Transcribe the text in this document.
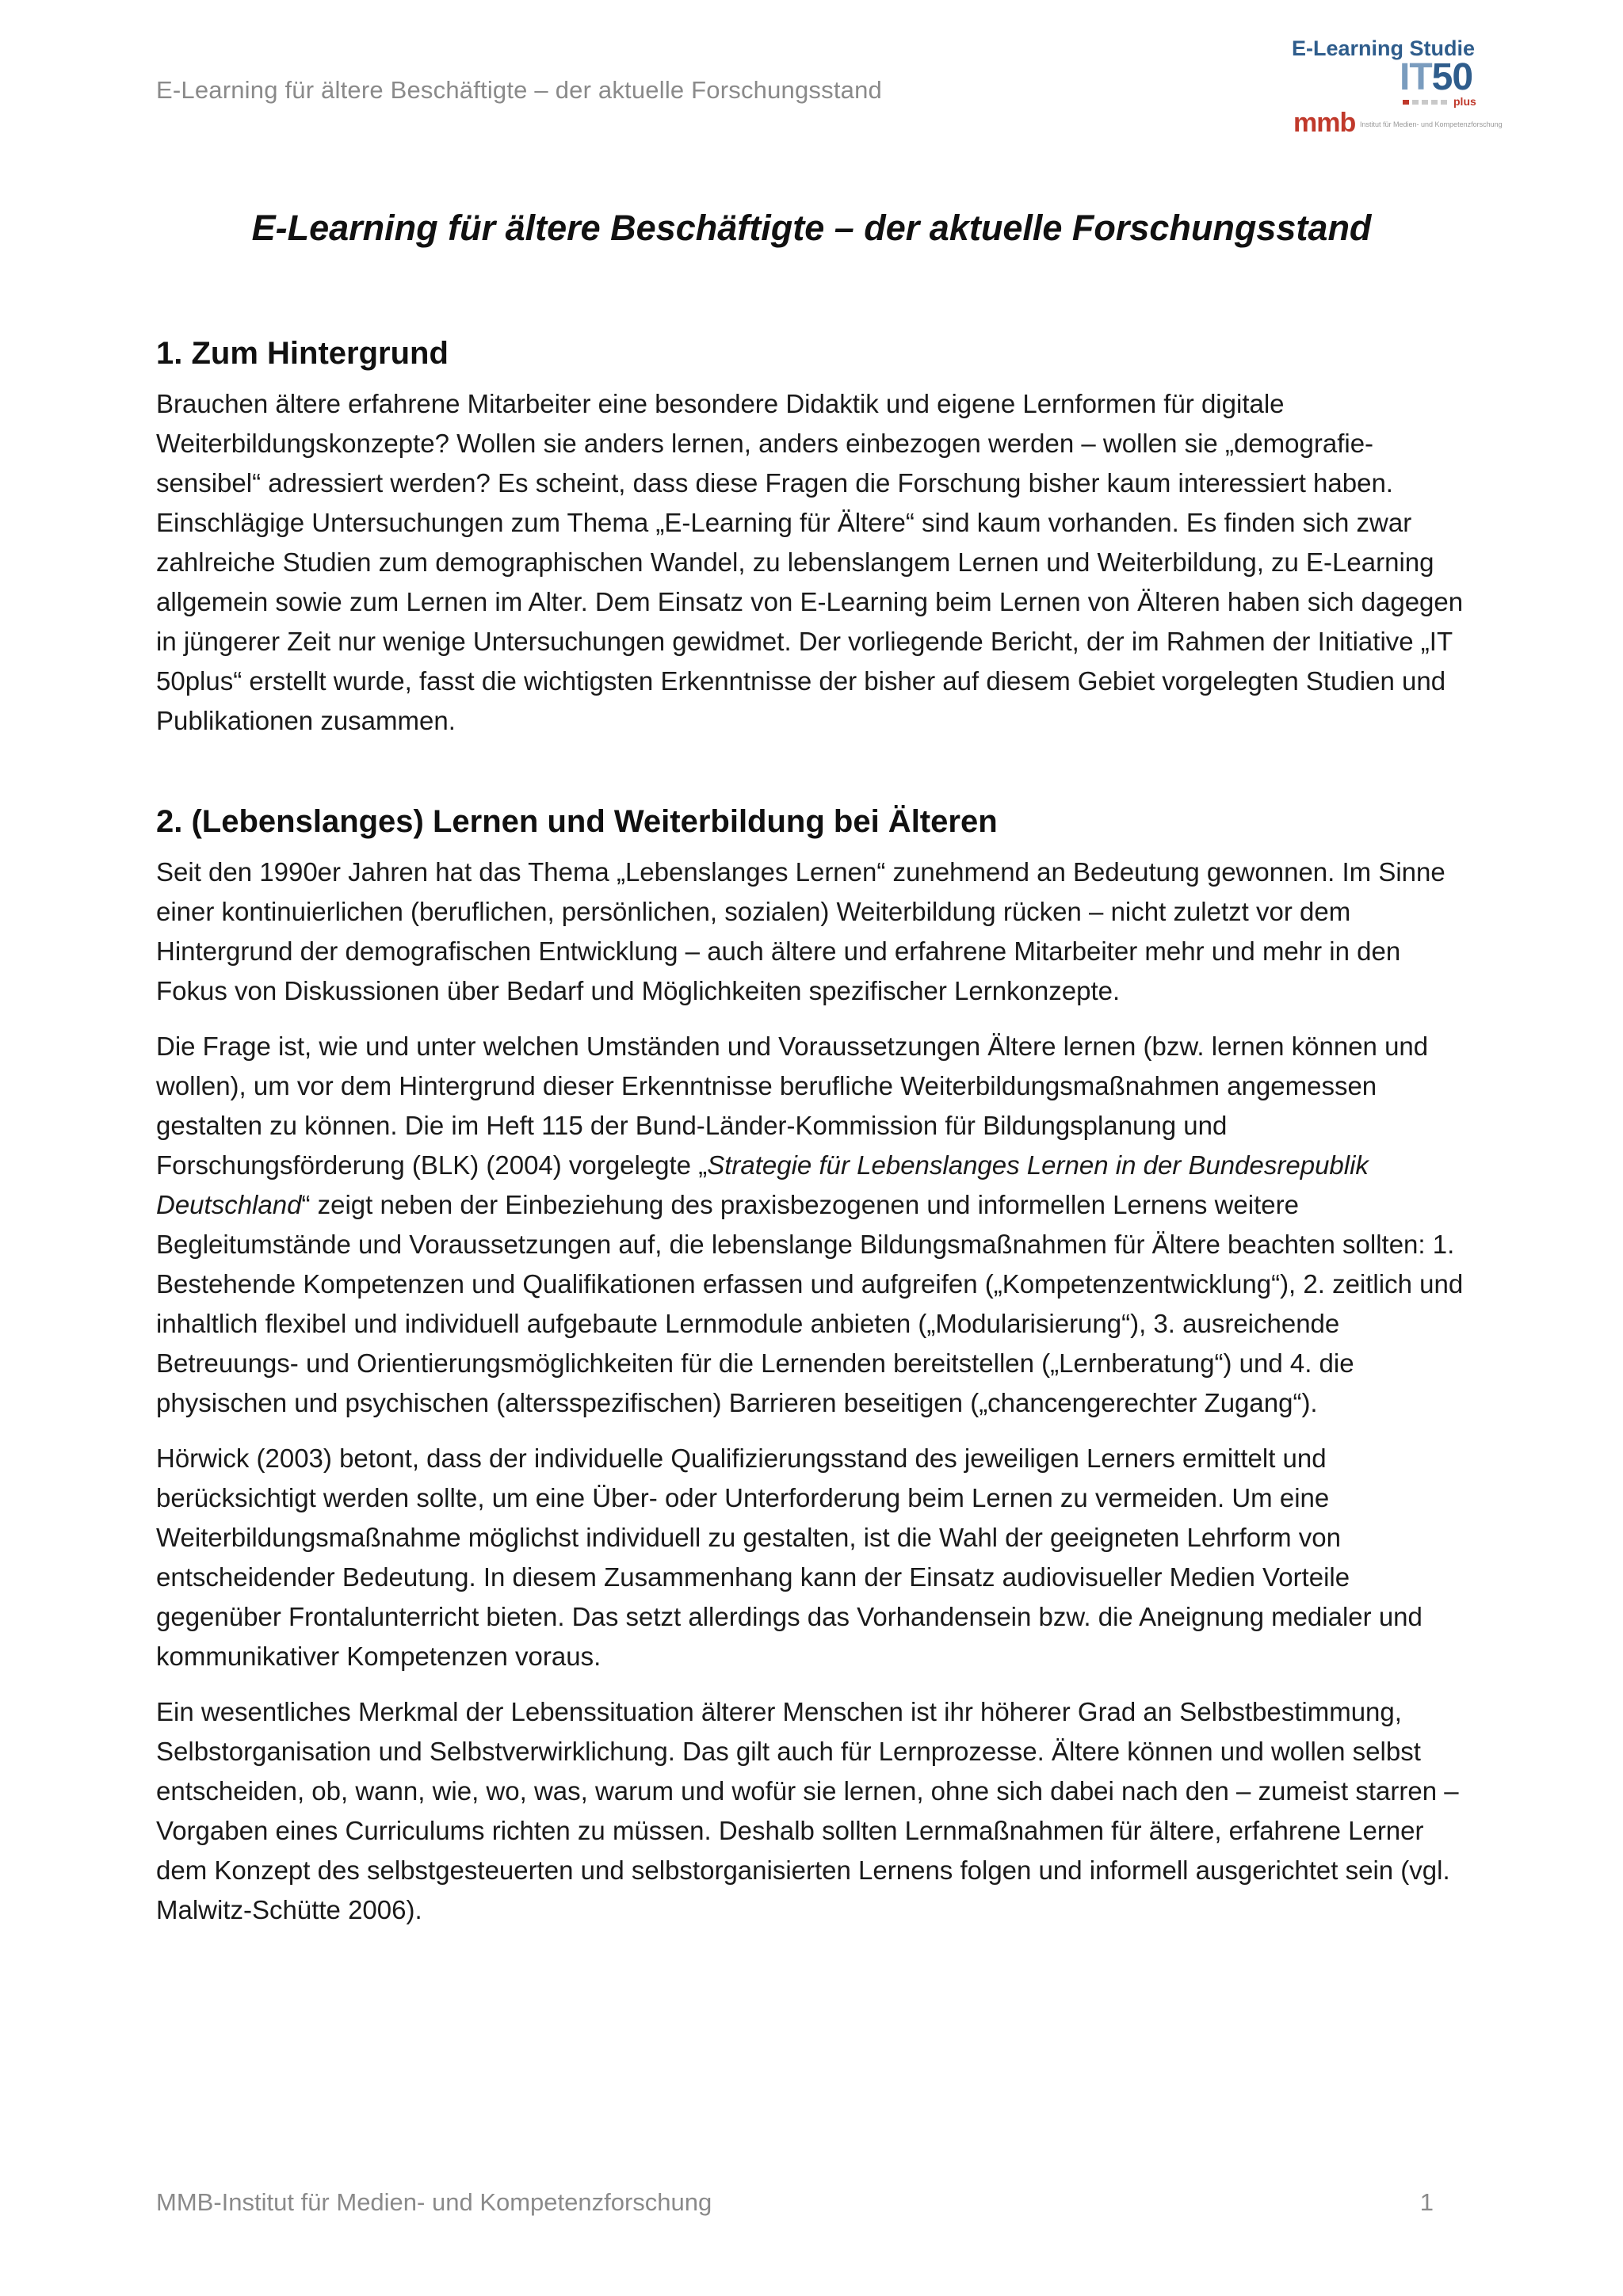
E-Learning für ältere Beschäftigte – der aktuelle Forschungsstand
E-Learning Studie
IT50
plus
mmb Institut für Medien- und Kompetenzforschung
E-Learning für ältere Beschäftigte – der aktuelle Forschungsstand
1. Zum Hintergrund

Brauchen ältere erfahrene Mitarbeiter eine besondere Didaktik und eigene Lernformen für digitale Weiterbildungskonzepte? Wollen sie anders lernen, anders einbezogen werden – wollen sie „demografie-sensibel“ adressiert werden? Es scheint, dass diese Fragen die Forschung bisher kaum interessiert haben. Einschlägige Untersuchungen zum Thema „E-Learning für Ältere“ sind kaum vorhanden. Es finden sich zwar zahlreiche Studien zum demographischen Wandel, zu lebenslangem Lernen und Weiterbildung, zu E-Learning allgemein sowie zum Lernen im Alter. Dem Einsatz von E-Learning beim Lernen von Älteren haben sich dagegen in jüngerer Zeit nur wenige Untersuchungen gewidmet. Der vorliegende Bericht, der im Rahmen der Initiative „IT 50plus“ erstellt wurde, fasst die wichtigsten Erkenntnisse der bisher auf diesem Gebiet vorgelegten Studien und Publikationen zusammen.

2. (Lebenslanges) Lernen und Weiterbildung bei Älteren

Seit den 1990er Jahren hat das Thema „Lebenslanges Lernen“ zunehmend an Bedeutung gewonnen. Im Sinne einer kontinuierlichen (beruflichen, persönlichen, sozialen) Weiterbildung rücken – nicht zuletzt vor dem Hintergrund der demografischen Entwicklung – auch ältere und erfahrene Mitarbeiter mehr und mehr in den Fokus von Diskussionen über Bedarf und Möglichkeiten spezifischer Lernkonzepte.

Die Frage ist, wie und unter welchen Umständen und Voraussetzungen Ältere lernen (bzw. lernen können und wollen), um vor dem Hintergrund dieser Erkenntnisse berufliche Weiterbildungsmaßnahmen angemessen gestalten zu können. Die im Heft 115 der Bund-Länder-Kommission für Bildungsplanung und Forschungsförderung (BLK) (2004) vorgelegte „Strategie für Lebenslanges Lernen in der Bundesrepublik Deutschland“ zeigt neben der Einbeziehung des praxisbezogenen und informellen Lernens weitere Begleitumstände und Voraussetzungen auf, die lebenslange Bildungsmaßnahmen für Ältere beachten sollten: 1. Bestehende Kompetenzen und Qualifikationen erfassen und aufgreifen („Kompetenzentwicklung“), 2. zeitlich und inhaltlich flexibel und individuell aufgebaute Lernmodule anbieten („Modularisierung“), 3. ausreichende Betreuungs- und Orientierungsmöglichkeiten für die Lernenden bereitstellen („Lernberatung“) und 4. die physischen und psychischen (altersspezifischen) Barrieren beseitigen („chancengerechter Zugang“).

Hörwick (2003) betont, dass der individuelle Qualifizierungsstand des jeweiligen Lerners ermittelt und berücksichtigt werden sollte, um eine Über- oder Unterforderung beim Lernen zu vermeiden. Um eine Weiterbildungsmaßnahme möglichst individuell zu gestalten, ist die Wahl der geeigneten Lehrform von entscheidender Bedeutung. In diesem Zusammenhang kann der Einsatz audiovisueller Medien Vorteile gegenüber Frontalunterricht bieten. Das setzt allerdings das Vorhandensein bzw. die Aneignung medialer und kommunikativer Kompetenzen voraus.

Ein wesentliches Merkmal der Lebenssituation älterer Menschen ist ihr höherer Grad an Selbstbestimmung, Selbstorganisation und Selbstverwirklichung. Das gilt auch für Lernprozesse. Ältere können und wollen selbst entscheiden, ob, wann, wie, wo, was, warum und wofür sie lernen, ohne sich dabei nach den – zumeist starren – Vorgaben eines Curriculums richten zu müssen. Deshalb sollten Lernmaßnahmen für ältere, erfahrene Lerner dem Konzept des selbstgesteuerten und selbstorganisierten Lernens folgen und informell ausgerichtet sein (vgl. Malwitz-Schütte 2006).

MMB-Institut für Medien- und Kompetenzforschung	1
